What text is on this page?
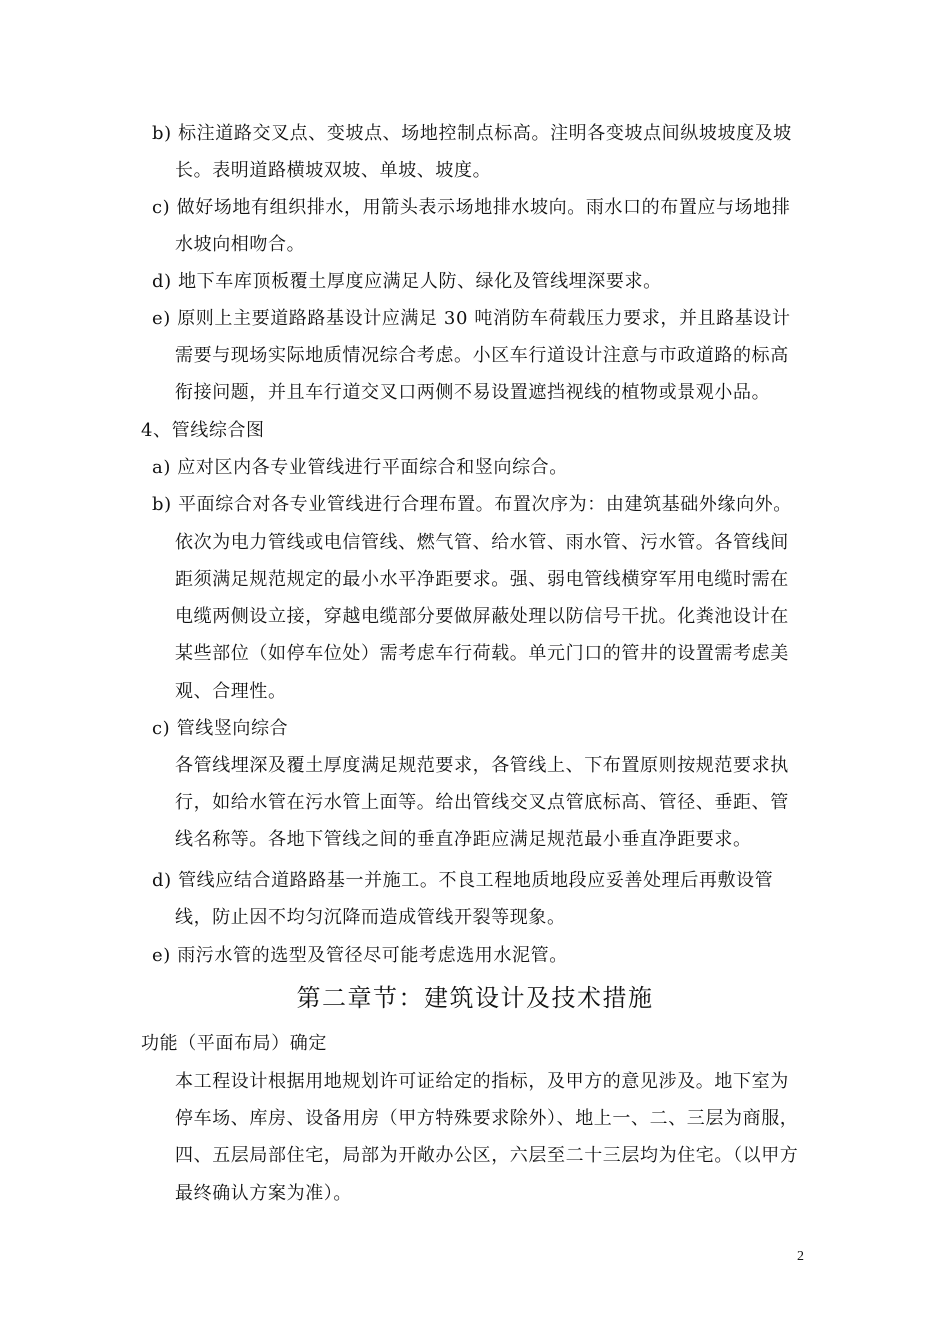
b) 标注道路交叉点、变坡点、场地控制点标高。注明各变坡点间纵坡坡度及坡
长。表明道路横坡双坡、单坡、坡度。
c) 做好场地有组织排水，用箭头表示场地排水坡向。雨水口的布置应与场地排
水坡向相吻合。
d) 地下车库顶板覆土厚度应满足人防、绿化及管线埋深要求。
e) 原则上主要道路路基设计应满足 30 吨消防车荷载压力要求，并且路基设计
需要与现场实际地质情况综合考虑。小区车行道设计注意与市政道路的标高
衔接问题，并且车行道交叉口两侧不易设置遮挡视线的植物或景观小品。
4、管线综合图
a) 应对区内各专业管线进行平面综合和竖向综合。
b) 平面综合对各专业管线进行合理布置。布置次序为：由建筑基础外缘向外。
依次为电力管线或电信管线、燃气管、给水管、雨水管、污水管。各管线间
距须满足规范规定的最小水平净距要求。强、弱电管线横穿军用电缆时需在
电缆两侧设立接，穿越电缆部分要做屏蔽处理以防信号干扰。化粪池设计在
某些部位（如停车位处）需考虑车行荷载。单元门口的管井的设置需考虑美
观、合理性。
c) 管线竖向综合
各管线埋深及覆土厚度满足规范要求，各管线上、下布置原则按规范要求执
行，如给水管在污水管上面等。给出管线交叉点管底标高、管径、垂距、管
线名称等。各地下管线之间的垂直净距应满足规范最小垂直净距要求。
d) 管线应结合道路路基一并施工。不良工程地质地段应妥善处理后再敷设管
线，防止因不均匀沉降而造成管线开裂等现象。
e) 雨污水管的选型及管径尽可能考虑选用水泥管。
第二章节：建筑设计及技术措施
功能（平面布局）确定
本工程设计根据用地规划许可证给定的指标，及甲方的意见涉及。地下室为
停车场、库房、设备用房（甲方特殊要求除外）、地上一、二、三层为商服，
四、五层局部住宅，局部为开敞办公区，六层至二十三层均为住宅。（以甲方
最终确认方案为准）。
2
